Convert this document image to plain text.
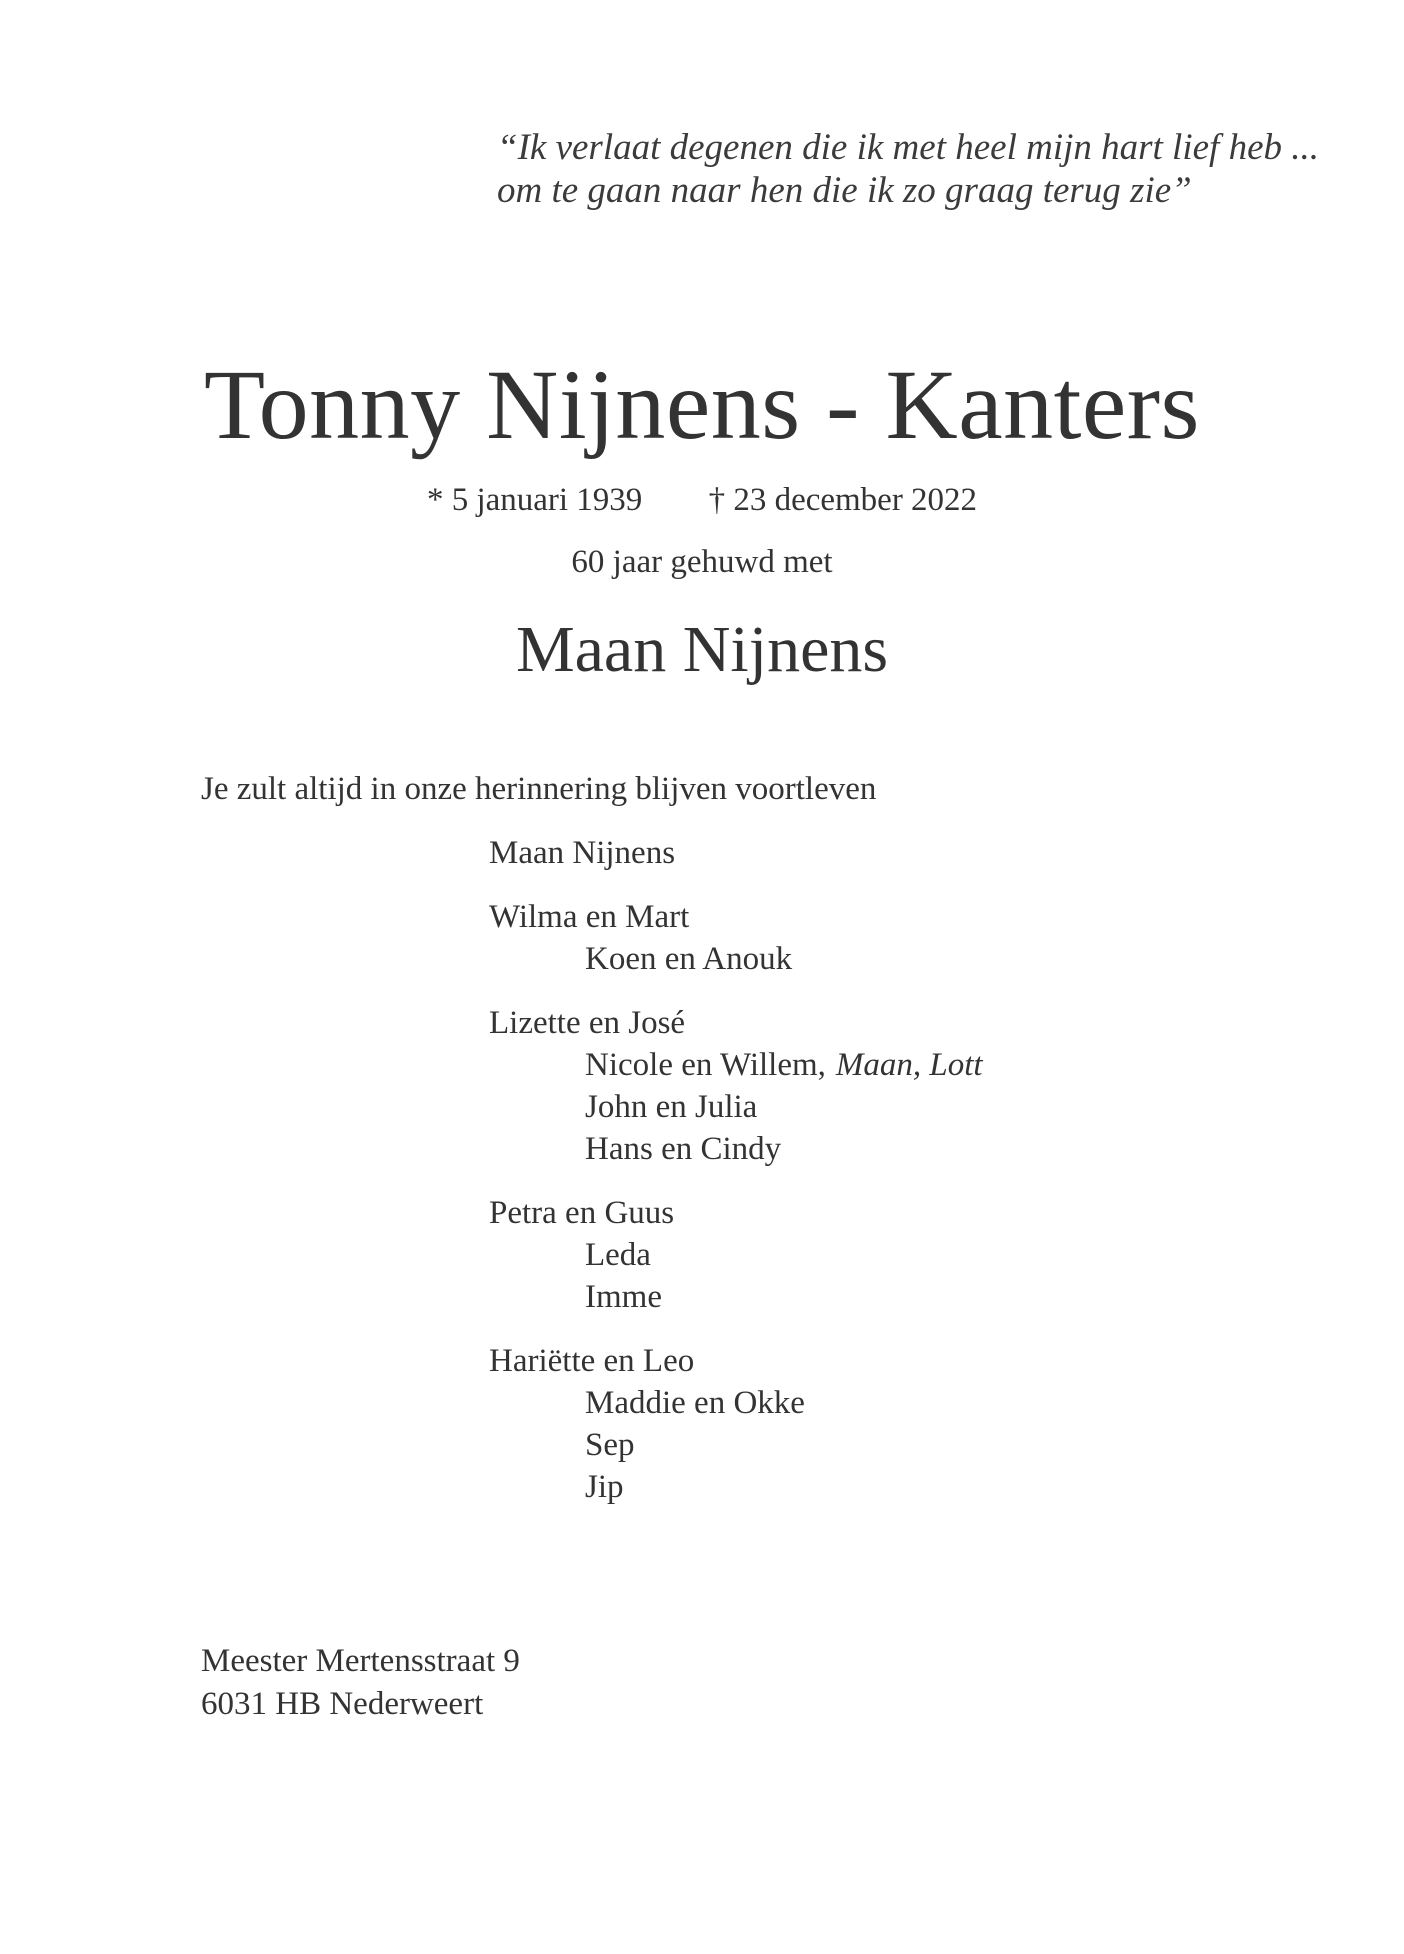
“Ik verlaat degenen die ik met heel mijn hart lief heb ...
om te gaan naar hen die ik zo graag terug zie”
Tonny Nijnens - Kanters
* 5 januari 1939 † 23 december 2022
60 jaar gehuwd met
Maan Nijnens
Je zult altijd in onze herinnering blijven voortleven
Maan Nijnens
Wilma en Mart
Koen en Anouk
Lizette en José
Nicole en Willem, Maan, Lott
John en Julia
Hans en Cindy
Petra en Guus
Leda
Imme
Hariëtte en Leo
Maddie en Okke
Sep
Jip
Meester Mertensstraat 9
6031 HB Nederweert
